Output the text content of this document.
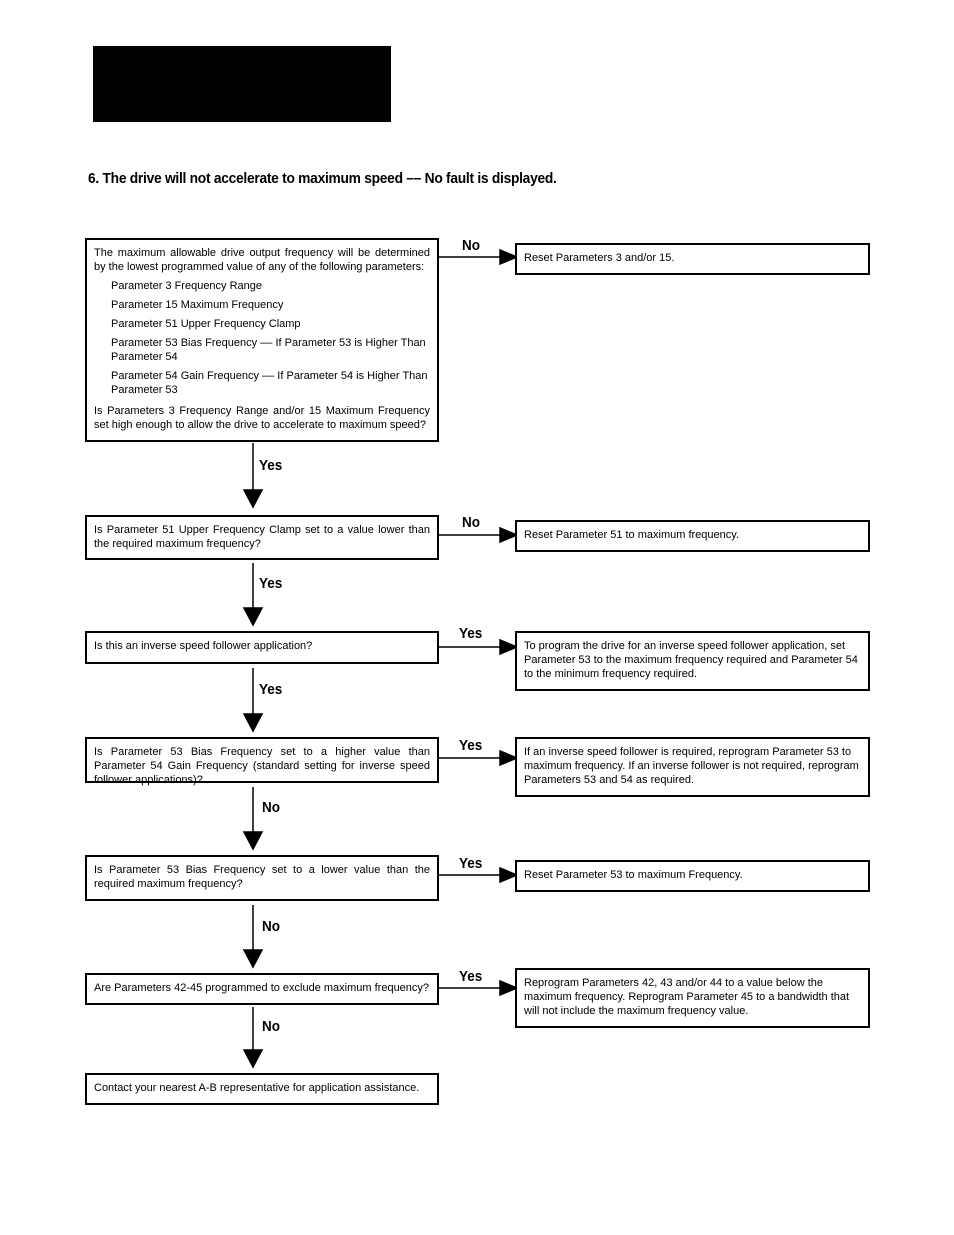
6. The drive will not accelerate to maximum speed –– No fault is displayed.
The maximum allowable drive output frequency will be determined by the lowest programmed value of any of the following parameters:
Parameter 3 Frequency Range
Parameter 15 Maximum Frequency
Parameter 51 Upper Frequency Clamp
Parameter 53 Bias Frequency –– If Parameter 53 is Higher Than Parameter 54
Parameter 54 Gain Frequency –– If Parameter 54 is Higher Than Parameter 53
Is Parameters 3 Frequency Range and/or 15 Maximum Frequency set high enough to allow the drive to accelerate to maximum speed?
No
Reset Parameters 3 and/or 15.
Yes
Is Parameter 51 Upper Frequency Clamp set to a value lower than the required maximum frequency?
No
Reset Parameter 51 to maximum frequency.
Yes
Is this an inverse speed follower application?
Yes
To program the drive for an inverse speed follower application, set Parameter 53 to the maximum frequency required and Parameter 54 to the minimum frequency required.
Yes
Is Parameter 53 Bias Frequency set to a higher value than Parameter 54 Gain Frequency (standard setting for inverse speed follower applications)?
Yes	If an inverse speed follower is required, reprogram Parameter 53 to maximum frequency. If an inverse follower is not required, reprogram Parameters 53 and 54 as required.
No
Is Parameter 53 Bias Frequency set to a lower value than the required maximum frequency?
Yes
Reset Parameter 53 to maximum Frequency.
No
Are Parameters 42-45 programmed to exclude maximum frequency?
Yes	Reprogram Parameters 42, 43 and/or 44 to a value below the maximum frequency. Reprogram Parameter 45 to a bandwidth that will not include the maximum frequency value.
No
Contact your nearest A-B representative for application assistance.
